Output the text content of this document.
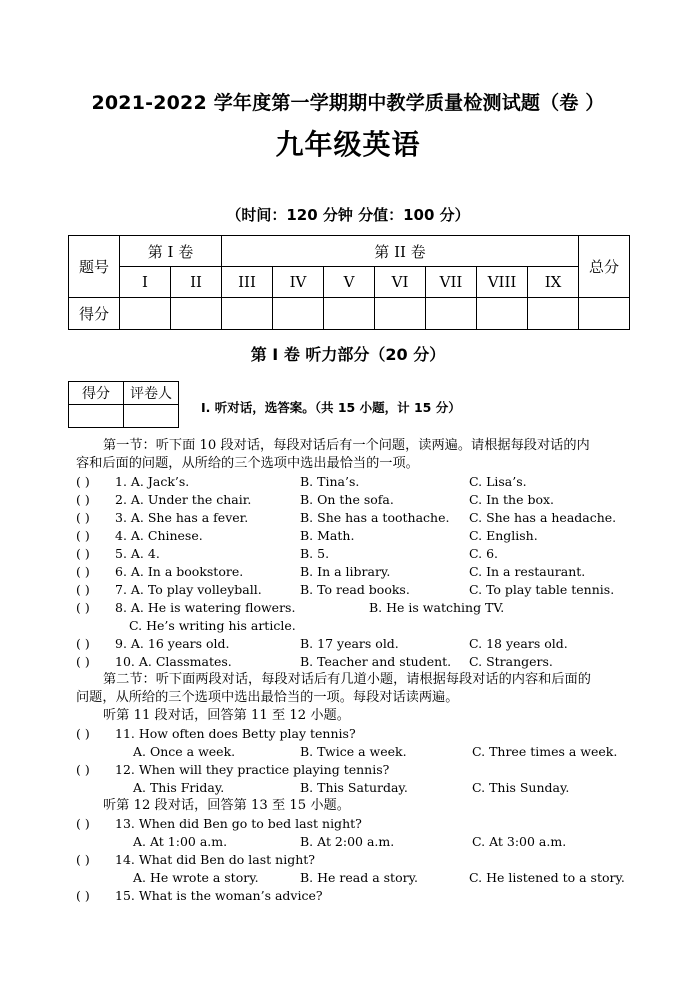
2021-2022 学年度第一学期期中教学质量检测试题（卷 ）
九年级英语
（时间：120 分钟 分值：100 分）
题号	第 I 卷		第 II 卷							总分
	I	II	III	IV	V	VI	VII	VIII	IX	
得分										
第 I 卷 听力部分（20 分）
得分	评卷人

I. 听对话，选答案。（共 15 小题，计 15 分）
第一节：听下面 10 段对话，每段对话后有一个问题，读两遍。请根据每段对话的内
容和后面的问题，从所给的三个选项中选出最恰当的一项。
( ) 1. A. Jack’s.	B. Tina’s.	C. Lisa’s.
( ) 2. A. Under the chair.	B. On the sofa.	C. In the box.
( ) 3. A. She has a fever.	B. She has a toothache. C. She has a headache.
( ) 4. A. Chinese.	B. Math.	C. English.
( ) 5. A. 4.	B. 5.	C. 6.
( ) 6. A. In a bookstore.	B. In a library.	C. In a restaurant.
( ) 7. A. To play volleyball.	B. To read books.	C. To play table tennis.
( ) 8. A. He is watering flowers.	B. He is watching TV.
C. He’s writing his article.
( ) 9. A. 16 years old.	B. 17 years old.	C. 18 years old.
( ) 10. A. Classmates.	B. Teacher and student. C. Strangers.
第二节：听下面两段对话，每段对话后有几道小题，请根据每段对话的内容和后面的
问题，从所给的三个选项中选出最恰当的一项。每段对话读两遍。
听第 11 段对话，回答第 11 至 12 小题。
( ) 11. How often does Betty play tennis?
A. Once a week.	B. Twice a week.	C. Three times a week.
( ) 12. When will they practice playing tennis?
A. This Friday.	B. This Saturday.	C. This Sunday.
听第 12 段对话，回答第 13 至 15 小题。
( ) 13. When did Ben go to bed last night?
A. At 1:00 a.m.	B. At 2:00 a.m.	C. At 3:00 a.m.
( ) 14. What did Ben do last night?
A. He wrote a story.	B. He read a story.	C. He listened to a story.
( ) 15. What is the woman’s advice?
